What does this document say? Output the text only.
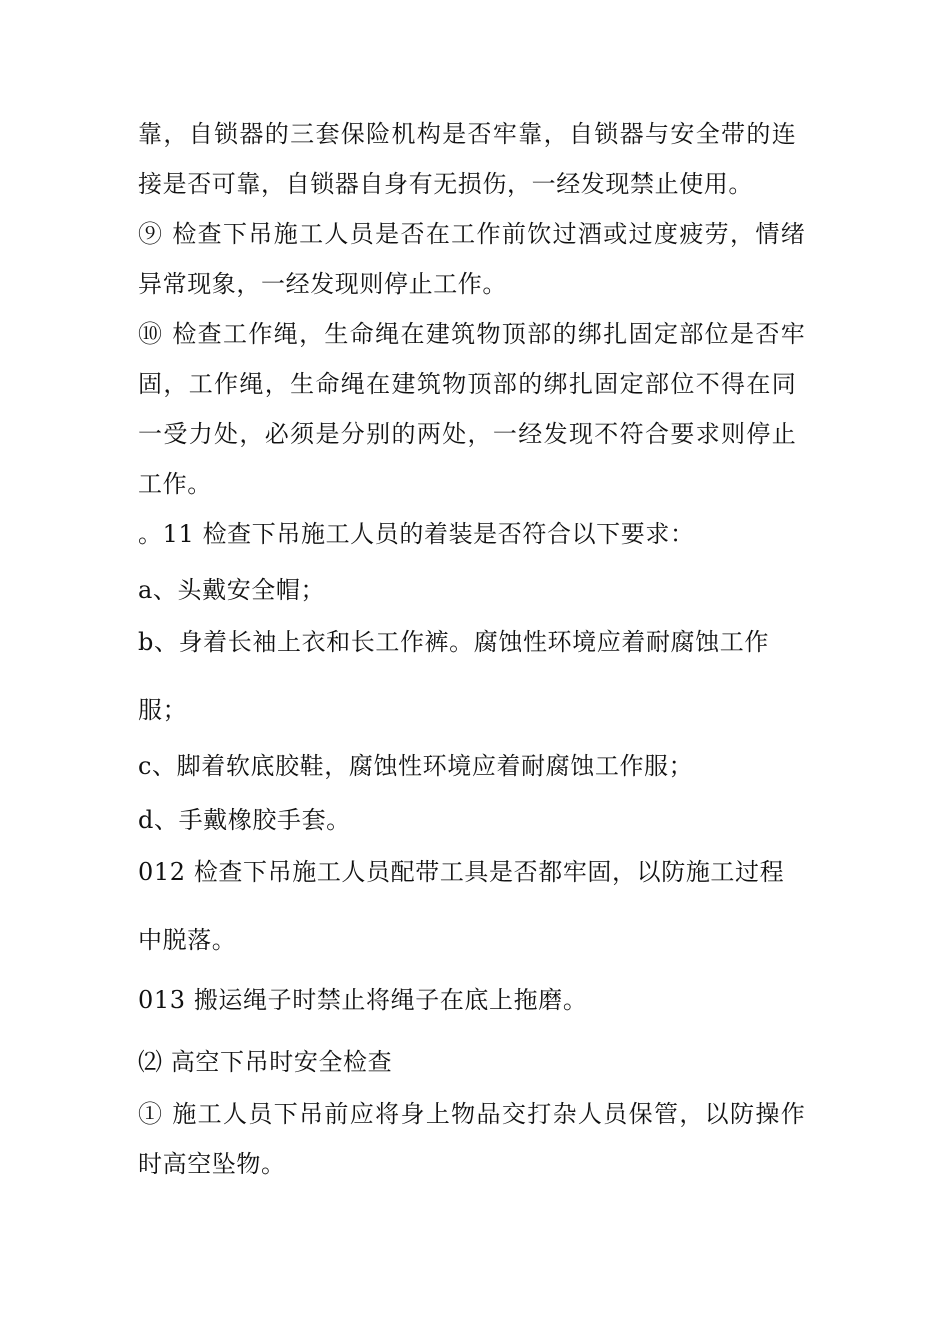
靠，自锁器的三套保险机构是否牢靠，自锁器与安全带的连
接是否可靠，自锁器自身有无损伤，一经发现禁止使用。
⑨ 检查下吊施工人员是否在工作前饮过酒或过度疲劳，情绪
异常现象，一经发现则停止工作。
⑩ 检查工作绳，生命绳在建筑物顶部的绑扎固定部位是否牢
固，工作绳，生命绳在建筑物顶部的绑扎固定部位不得在同
一受力处，必须是分别的两处，一经发现不符合要求则停止
工作。
。11 检查下吊施工人员的着装是否符合以下要求：
a、头戴安全帽；
b、身着长袖上衣和长工作裤。腐蚀性环境应着耐腐蚀工作
服；
c、脚着软底胶鞋，腐蚀性环境应着耐腐蚀工作服；
d、手戴橡胶手套。
012 检查下吊施工人员配带工具是否都牢固，以防施工过程
中脱落。
013 搬运绳子时禁止将绳子在底上拖磨。
⑵ 高空下吊时安全检查
① 施工人员下吊前应将身上物品交打杂人员保管，以防操作
时高空坠物。
